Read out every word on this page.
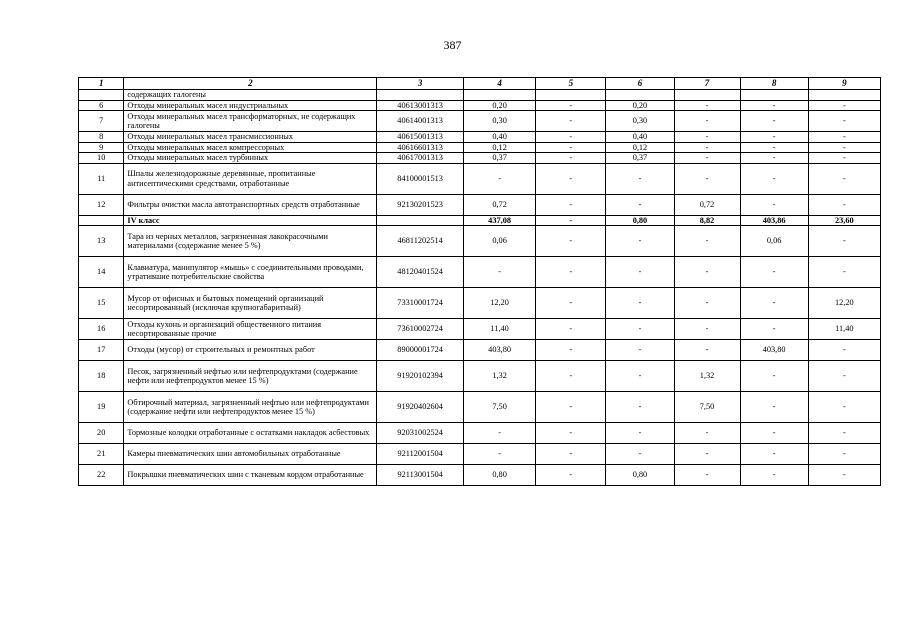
387
1	2	3	4	5	6	7	8	9
	содержащих галогены							
6	Отходы минеральных масел индустриальных	40613001313	0,20	-	0,20	-	-	-
7	Отходы минеральных масел трансформаторных, не содержащих галогены	40614001313	0,30	-	0,30	-	-	-
8	Отходы минеральных масел трансмиссионных	40615001313	0,40	-	0,40	-	-	-
9	Отходы минеральных масел компрессорных	40616601313	0,12	-	0,12	-	-	-
10	Отходы минеральных масел турбинных	40617001313	0,37	-	0,37	-	-	-
11	Шпалы железнодорожные деревянные, пропитанные антисептическими средствами, отработанные	84100001513	-	-	-	-	-	-
12	Фильтры очистки масла автотранспортных средств отработанные	92130201523	0,72	-	-	0,72	-	-
	IV класс		437,08	-	0,80	8,82	403,86	23,60
13	Тара из черных металлов, загрязненная лакокрасочными материалами (содержание менее 5 %)	46811202514	0,06	-	-	-	0,06	-
14	Клавиатура, манипулятор «мышь» с соединительными проводами, утратившие потребительские свойства	48120401524	-	-	-	-	-	-
15	Мусор от офисных и бытовых помещений организаций несортированный (исключая крупногабаритный)	73310001724	12,20	-	-	-	-	12,20
16	Отходы кухонь и организаций общественного питания несортированные прочие	73610002724	11,40	-	-	-	-	11,40
17	Отходы (мусор) от строительных и ремонтных работ	89000001724	403,80	-	-	-	403,80	-
18	Песок, загрязненный нефтью или нефтепродуктами (содержание нефти или нефтепродуктов менее 15 %)	91920102394	1,32	-	-	1,32	-	-
19	Обтирочный материал, загрязненный нефтью или нефтепродуктами (содержание нефти или нефтепродуктов менее 15 %)	91920402604	7,50	-	-	7,50	-	-
20	Тормозные колодки отработанные с остатками накладок асбестовых	92031002524	-	-	-	-	-	-
21	Камеры пневматических шин автомобильных отработанные	92112001504	-	-	-	-	-	-
22	Покрышки пневматических шин с тканевым кордом отработанные	92113001504	0,80	-	0,80	-	-	-
